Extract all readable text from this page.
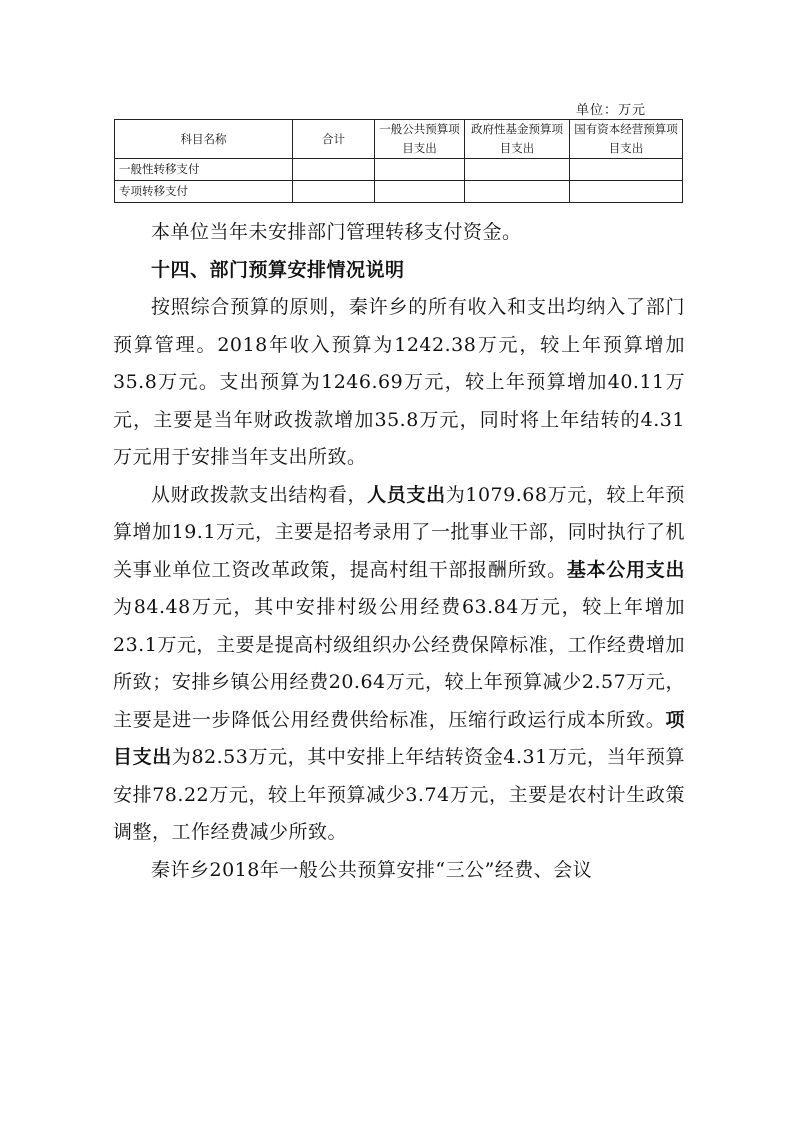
单位：万元
科目名称	合计	一般公共预算项目支出	政府性基金预算项目支出	国有资本经营预算项目支出
一般性转移支付				
专项转移支付				

本单位当年未安排部门管理转移支付资金。

十四、部门预算安排情况说明

按照综合预算的原则，秦许乡的所有收入和支出均纳入了部门预算管理。2018年收入预算为1242.38万元，较上年预算增加35.8万元。支出预算为1246.69万元，较上年预算增加40.11万元，主要是当年财政拨款增加35.8万元，同时将上年结转的4.31万元用于安排当年支出所致。

从财政拨款支出结构看，人员支出为1079.68万元，较上年预算增加19.1万元，主要是招考录用了一批事业干部，同时执行了机关事业单位工资改革政策，提高村组干部报酬所致。基本公用支出为84.48万元，其中安排村级公用经费63.84万元，较上年增加23.1万元，主要是提高村级组织办公经费保障标准，工作经费增加所致；安排乡镇公用经费20.64万元，较上年预算减少2.57万元，主要是进一步降低公用经费供给标准，压缩行政运行成本所致。项目支出为82.53万元，其中安排上年结转资金4.31万元，当年预算安排78.22万元，较上年预算减少3.74万元，主要是农村计生政策调整，工作经费减少所致。

秦许乡2018年一般公共预算安排“三公”经费、会议
